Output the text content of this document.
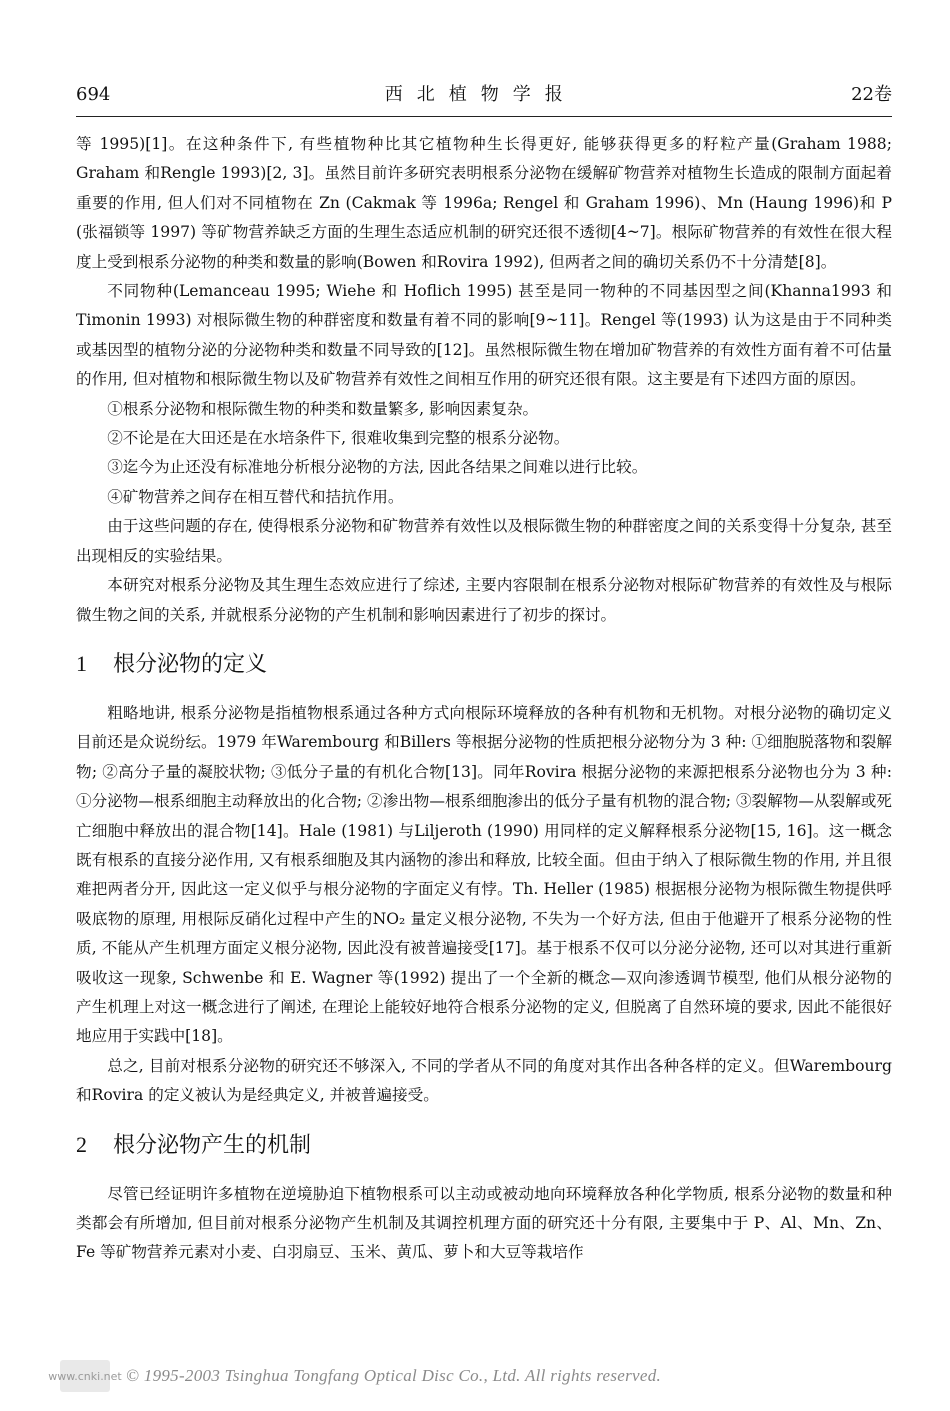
694	西北植物学报	22卷

等 1995)[1]。在这种条件下, 有些植物种比其它植物种生长得更好, 能够获得更多的籽粒产量(Graham 1988; Graham 和Rengle 1993)[2, 3]。虽然目前许多研究表明根系分泌物在缓解矿物营养对植物生长造成的限制方面起着重要的作用, 但人们对不同植物在 Zn (Cakmak 等 1996a; Rengel 和 Graham 1996)、Mn (Haung 1996)和 P (张福锁等 1997) 等矿物营养缺乏方面的生理生态适应机制的研究还很不透彻[4~7]。根际矿物营养的有效性在很大程度上受到根系分泌物的种类和数量的影响(Bowen 和Rovira 1992), 但两者之间的确切关系仍不十分清楚[8]。

不同物种(Lemanceau 1995; Wiehe 和 Hoflich 1995) 甚至是同一物种的不同基因型之间(Khanna1993 和 Timonin 1993) 对根际微生物的种群密度和数量有着不同的影响[9~11]。Rengel 等(1993) 认为这是由于不同种类或基因型的植物分泌的分泌物种类和数量不同导致的[12]。虽然根际微生物在增加矿物营养的有效性方面有着不可估量的作用, 但对植物和根际微生物以及矿物营养有效性之间相互作用的研究还很有限。这主要是有下述四方面的原因。

①根系分泌物和根际微生物的种类和数量繁多, 影响因素复杂。

②不论是在大田还是在水培条件下, 很难收集到完整的根系分泌物。

③迄今为止还没有标准地分析根分泌物的方法, 因此各结果之间难以进行比较。

④矿物营养之间存在相互替代和拮抗作用。

由于这些问题的存在, 使得根系分泌物和矿物营养有效性以及根际微生物的种群密度之间的关系变得十分复杂, 甚至出现相反的实验结果。

本研究对根系分泌物及其生理生态效应进行了综述, 主要内容限制在根系分泌物对根际矿物营养的有效性及与根际微生物之间的关系, 并就根系分泌物的产生机制和影响因素进行了初步的探讨。

1 根分泌物的定义

粗略地讲, 根系分泌物是指植物根系通过各种方式向根际环境释放的各种有机物和无机物。对根分泌物的确切定义目前还是众说纷纭。1979 年Warembourg 和Billers 等根据分泌物的性质把根分泌物分为 3 种: ①细胞脱落物和裂解物; ②高分子量的凝胶状物; ③低分子量的有机化合物[13]。同年Rovira 根据分泌物的来源把根系分泌物也分为 3 种: ①分泌物—根系细胞主动释放出的化合物; ②渗出物—根系细胞渗出的低分子量有机物的混合物; ③裂解物—从裂解或死亡细胞中释放出的混合物[14]。Hale (1981) 与Liljeroth (1990) 用同样的定义解释根系分泌物[15, 16]。这一概念既有根系的直接分泌作用, 又有根系细胞及其内涵物的渗出和释放, 比较全面。但由于纳入了根际微生物的作用, 并且很难把两者分开, 因此这一定义似乎与根分泌物的字面定义有悖。Th. Heller (1985) 根据根分泌物为根际微生物提供呼吸底物的原理, 用根际反硝化过程中产生的NO₂ 量定义根分泌物, 不失为一个好方法, 但由于他避开了根系分泌物的性质, 不能从产生机理方面定义根分泌物, 因此没有被普遍接受[17]。基于根系不仅可以分泌分泌物, 还可以对其进行重新吸收这一现象, Schwenbe 和 E. Wagner 等(1992) 提出了一个全新的概念—双向渗透调节模型, 他们从根分泌物的产生机理上对这一概念进行了阐述, 在理论上能较好地符合根系分泌物的定义, 但脱离了自然环境的要求, 因此不能很好地应用于实践中[18]。

总之, 目前对根系分泌物的研究还不够深入, 不同的学者从不同的角度对其作出各种各样的定义。但Warembourg 和Rovira 的定义被认为是经典定义, 并被普遍接受。

2 根分泌物产生的机制

尽管已经证明许多植物在逆境胁迫下植物根系可以主动或被动地向环境释放各种化学物质, 根系分泌物的数量和种类都会有所增加, 但目前对根系分泌物产生机制及其调控机理方面的研究还十分有限, 主要集中于 P、Al、Mn、Zn、Fe 等矿物营养元素对小麦、白羽扇豆、玉米、黄瓜、萝卜和大豆等栽培作

www.cnki.net © 1995-2003 Tsinghua Tongfang Optical Disc Co., Ltd. All rights reserved.
